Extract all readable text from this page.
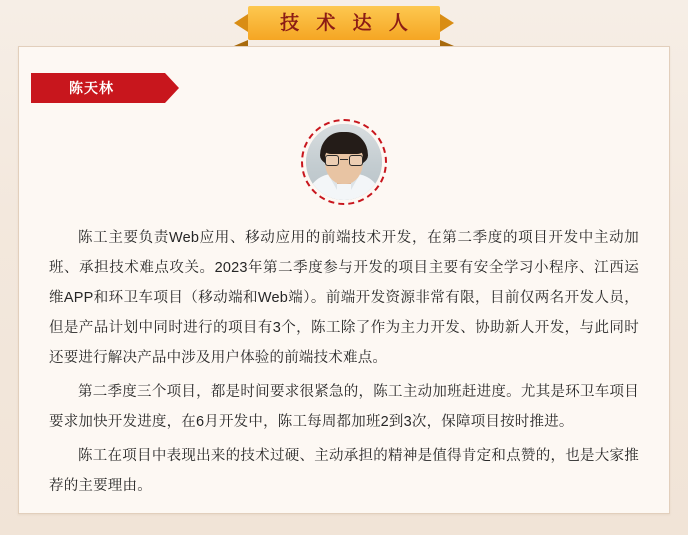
技 术 达 人
陈天林

陈工主要负责Web应用、移动应用的前端技术开发，在第二季度的项目开发中主动加班、承担技术难点攻关。2023年第二季度参与开发的项目主要有安全学习小程序、江西运维APP和环卫车项目（移动端和Web端）。前端开发资源非常有限，目前仅两名开发人员，但是产品计划中同时进行的项目有3个，陈工除了作为主力开发、协助新人开发，与此同时还要进行解决产品中涉及用户体验的前端技术难点。

第二季度三个项目，都是时间要求很紧急的，陈工主动加班赶进度。尤其是环卫车项目要求加快开发进度，在6月开发中，陈工每周都加班2到3次，保障项目按时推进。

陈工在项目中表现出来的技术过硬、主动承担的精神是值得肯定和点赞的，也是大家推荐的主要理由。
